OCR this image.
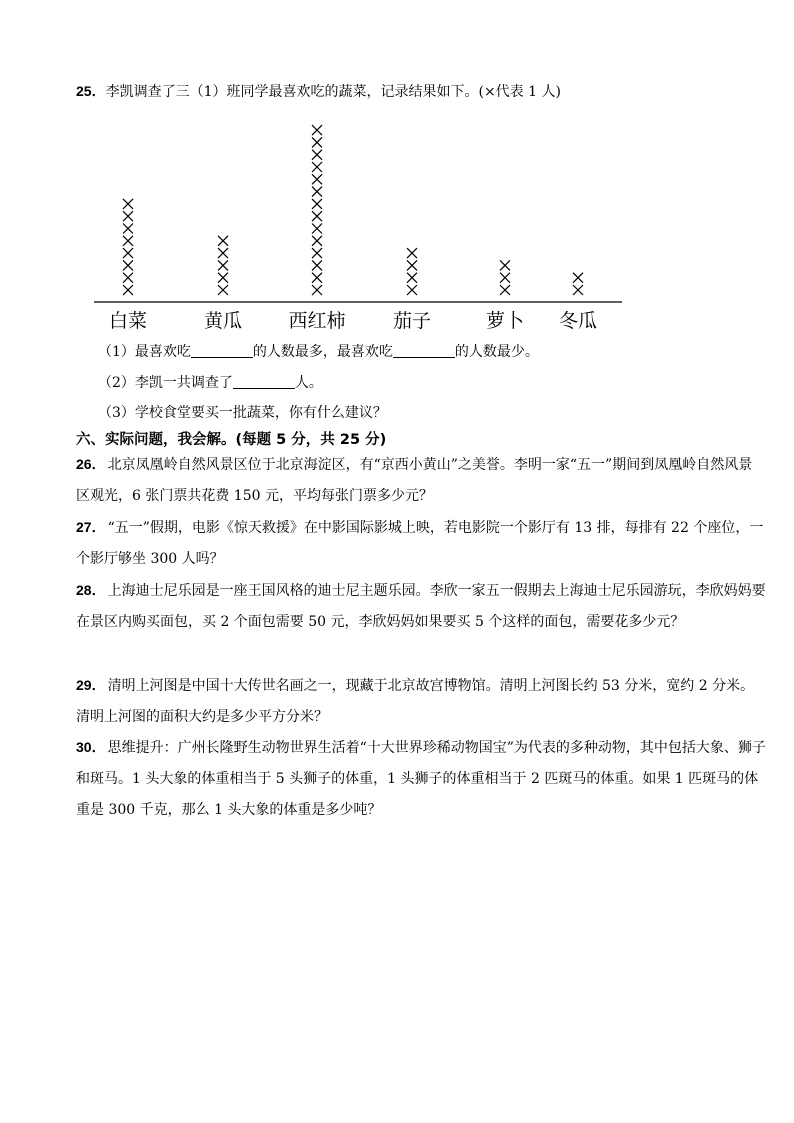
25．李凯调查了三（1）班同学最喜欢吃的蔬菜，记录结果如下。(×代表 1 人)
白菜	黄瓜 西红柿 茄子	萝卜 冬瓜
（1）最喜欢吃	的人数最多，最喜欢吃	的人数最少。
（2）李凯一共调查了	人。
（3）学校食堂要买一批蔬菜，你有什么建议？
六、实际问题，我会解。(每题 5 分，共 25 分)
26． 北京凤凰岭自然风景区位于北京海淀区，有“京西小黄山”之美誉。李明一家“五一”期间到凤凰岭自然风景区观光，6 张门票共花费 150 元，平均每张门票多少元？
27． “五一”假期，电影《惊天救援》在中影国际影城上映，若电影院一个影厅有 13 排，每排有 22 个座位，一个影厅够坐 300 人吗？
28． 上海迪士尼乐园是一座王国风格的迪士尼主题乐园。李欣一家五一假期去上海迪士尼乐园游玩，李欣妈妈要在景区内购买面包，买 2 个面包需要 50 元，李欣妈妈如果要买 5 个这样的面包，需要花多少元？
29． 清明上河图是中国十大传世名画之一，现藏于北京故宫博物馆。清明上河图长约 53 分米，宽约 2 分米。清明上河图的面积大约是多少平方分米？
30． 思维提升：广州长隆野生动物世界生活着“十大世界珍稀动物国宝”为代表的多种动物，其中包括大象、狮子和斑马。1 头大象的体重相当于 5 头狮子的体重，1 头狮子的体重相当于 2 匹斑马的体重。如果 1 匹斑马的体重是 300 千克，那么 1 头大象的体重是多少吨？
